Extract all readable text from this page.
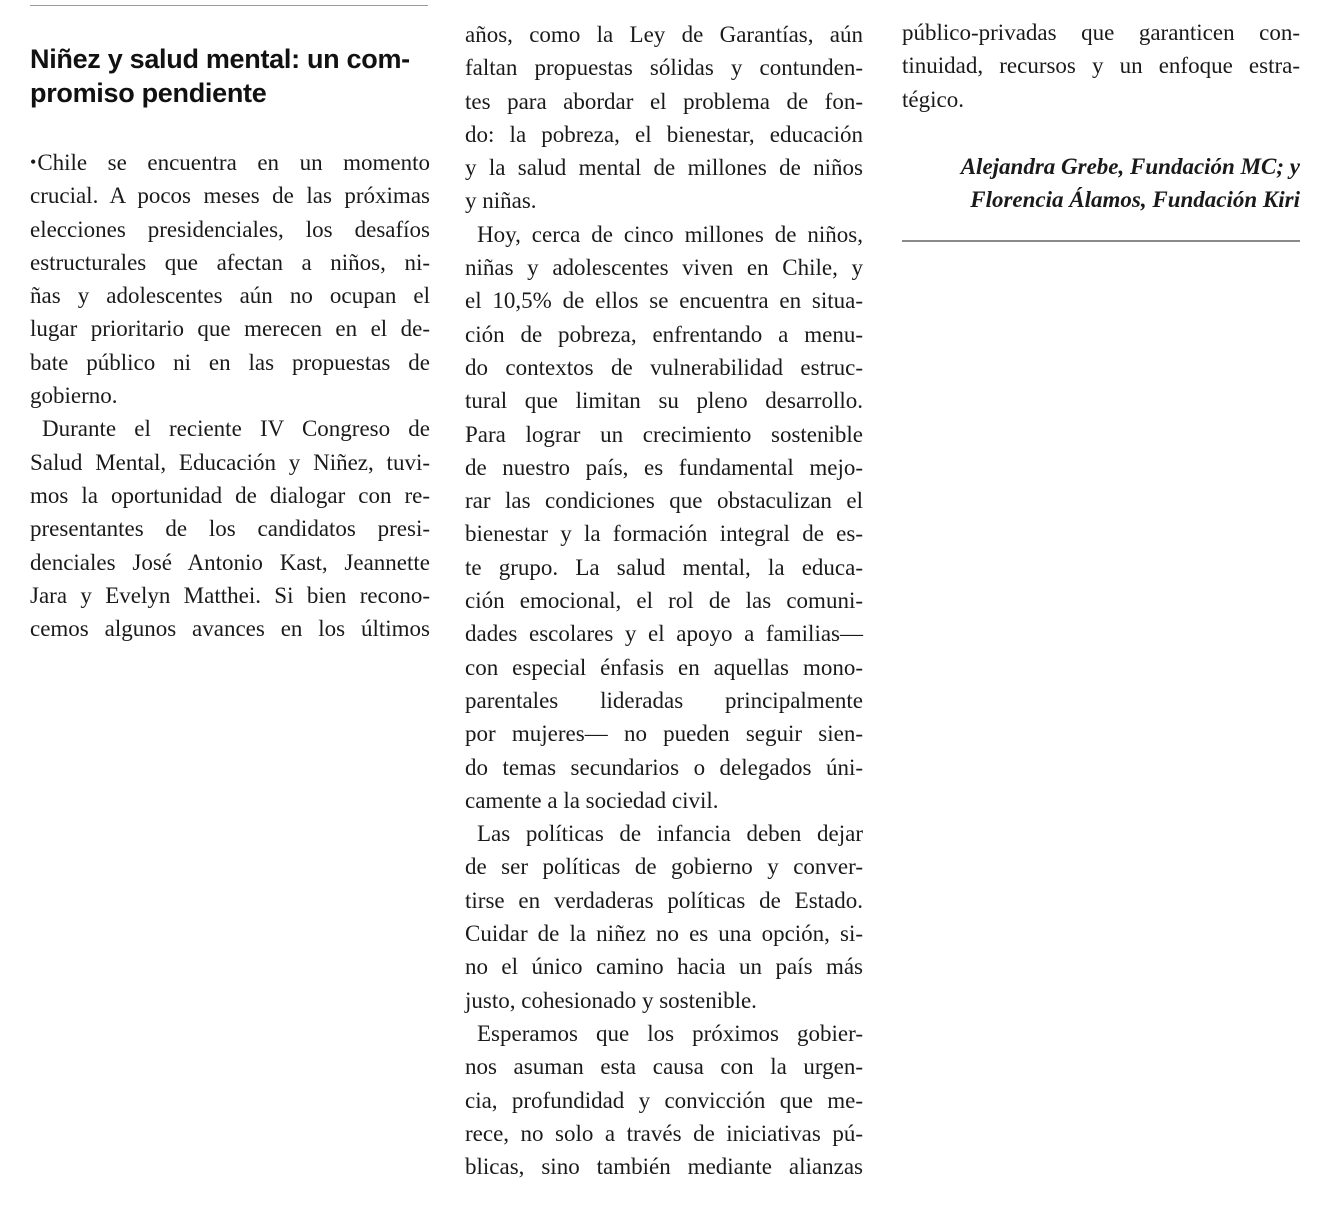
Niñez y salud mental: un com-
promiso pendiente
•Chile se encuentra en un momento
crucial. A pocos meses de las próximas
elecciones presidenciales, los desafíos
estructurales que afectan a niños, ni-
ñas y adolescentes aún no ocupan el
lugar prioritario que merecen en el de-
bate público ni en las propuestas de
gobierno.
Durante el reciente IV Congreso de
Salud Mental, Educación y Niñez, tuvi-
mos la oportunidad de dialogar con re-
presentantes de los candidatos presi-
denciales José Antonio Kast, Jeannette
Jara y Evelyn Matthei. Si bien recono-
cemos algunos avances en los últimos
años, como la Ley de Garantías, aún
faltan propuestas sólidas y contunden-
tes para abordar el problema de fon-
do: la pobreza, el bienestar, educación
y la salud mental de millones de niños
y niñas.
Hoy, cerca de cinco millones de niños,
niñas y adolescentes viven en Chile, y
el 10,5% de ellos se encuentra en situa-
ción de pobreza, enfrentando a menu-
do contextos de vulnerabilidad estruc-
tural que limitan su pleno desarrollo.
Para lograr un crecimiento sostenible
de nuestro país, es fundamental mejo-
rar las condiciones que obstaculizan el
bienestar y la formación integral de es-
te grupo. La salud mental, la educa-
ción emocional, el rol de las comuni-
dades escolares y el apoyo a familias—
con especial énfasis en aquellas mono-
parentales lideradas principalmente
por mujeres— no pueden seguir sien-
do temas secundarios o delegados úni-
camente a la sociedad civil.
Las políticas de infancia deben dejar
de ser políticas de gobierno y conver-
tirse en verdaderas políticas de Estado.
Cuidar de la niñez no es una opción, si-
no el único camino hacia un país más
justo, cohesionado y sostenible.
Esperamos que los próximos gobier-
nos asuman esta causa con la urgen-
cia, profundidad y convicción que me-
rece, no solo a través de iniciativas pú-
blicas, sino también mediante alianzas
público-privadas que garanticen con-
tinuidad, recursos y un enfoque estra-
tégico.
Alejandra Grebe, Fundación MC; y
Florencia Álamos, Fundación Kiri
